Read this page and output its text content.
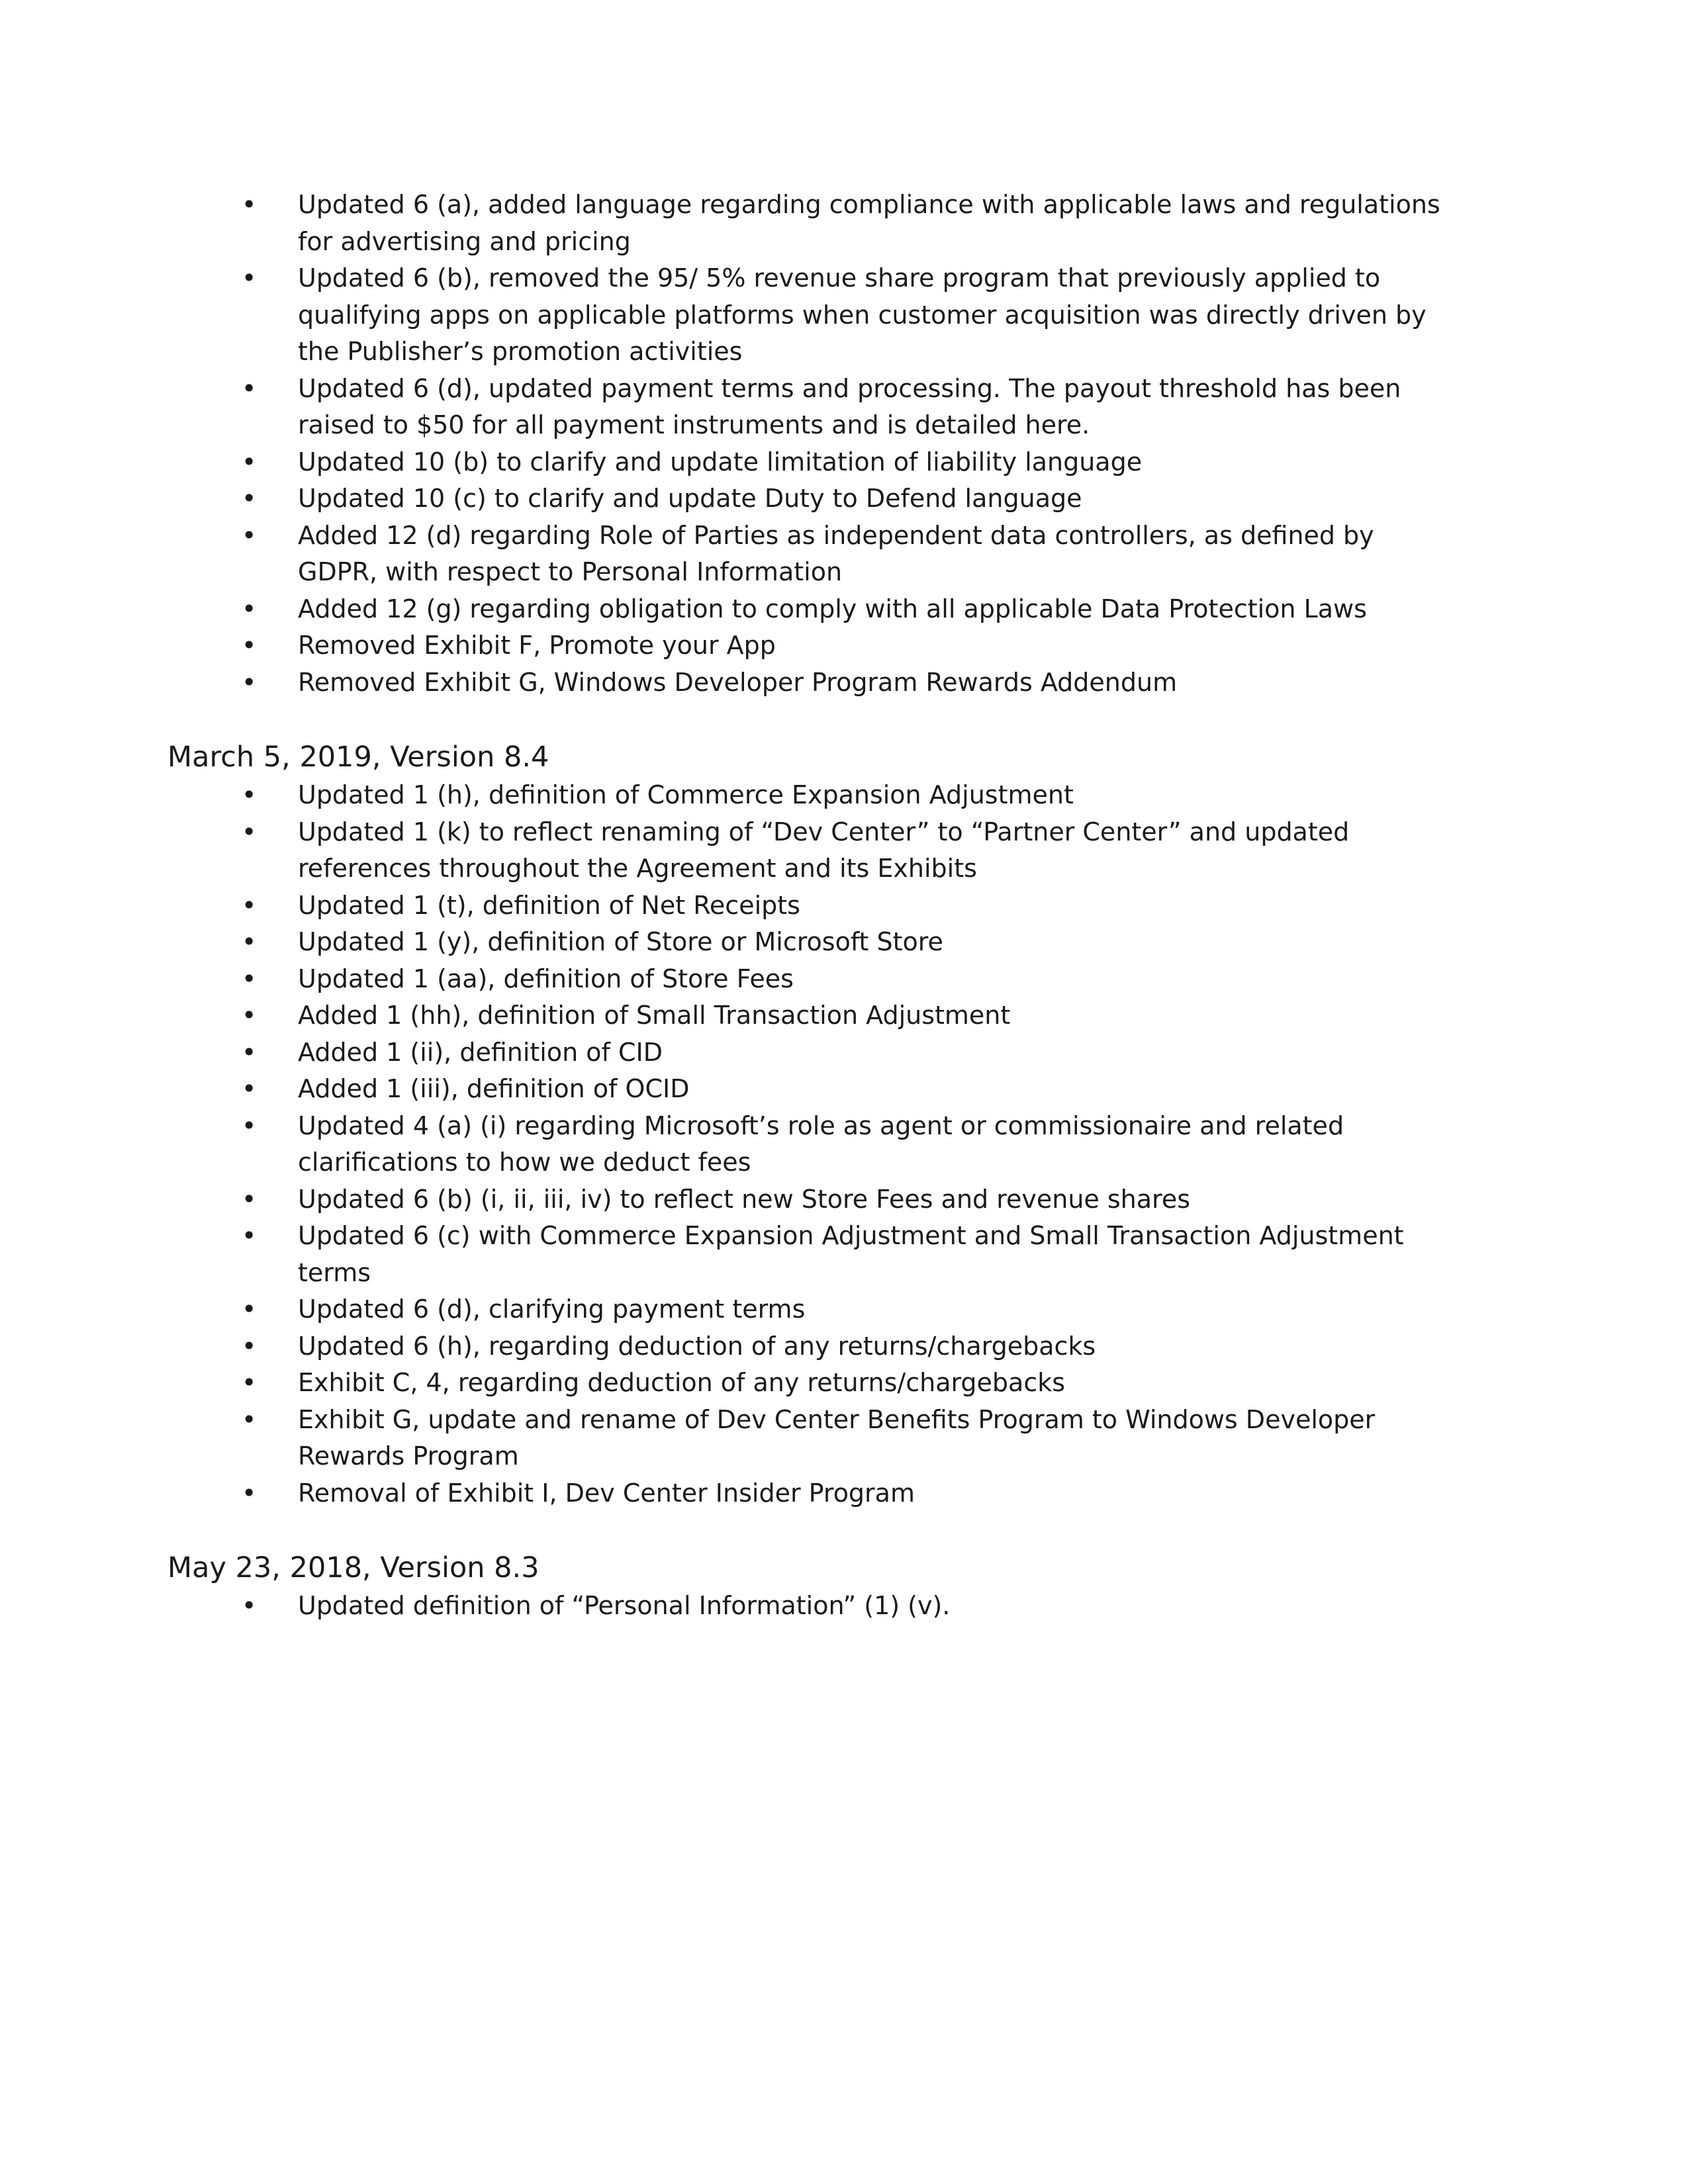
• Updated 6 (a), added language regarding compliance with applicable laws and regulations for advertising and pricing
• Updated 6 (b), removed the 95/ 5% revenue share program that previously applied to qualifying apps on applicable platforms when customer acquisition was directly driven by the Publisher’s promotion activities
• Updated 6 (d), updated payment terms and processing. The payout threshold has been raised to $50 for all payment instruments and is detailed here.
• Updated 10 (b) to clarify and update limitation of liability language
• Updated 10 (c) to clarify and update Duty to Defend language
• Added 12 (d) regarding Role of Parties as independent data controllers, as defined by GDPR, with respect to Personal Information
• Added 12 (g) regarding obligation to comply with all applicable Data Protection Laws
• Removed Exhibit F, Promote your App
• Removed Exhibit G, Windows Developer Program Rewards Addendum
March 5, 2019, Version 8.4
• Updated 1 (h), definition of Commerce Expansion Adjustment
• Updated 1 (k) to reflect renaming of “Dev Center” to “Partner Center” and updated references throughout the Agreement and its Exhibits
• Updated 1 (t), definition of Net Receipts
• Updated 1 (y), definition of Store or Microsoft Store
• Updated 1 (aa), definition of Store Fees
• Added 1 (hh), definition of Small Transaction Adjustment
• Added 1 (ii), definition of CID
• Added 1 (iii), definition of OCID
• Updated 4 (a) (i) regarding Microsoft’s role as agent or commissionaire and related clarifications to how we deduct fees
• Updated 6 (b) (i, ii, iii, iv) to reflect new Store Fees and revenue shares
• Updated 6 (c) with Commerce Expansion Adjustment and Small Transaction Adjustment terms
• Updated 6 (d), clarifying payment terms
• Updated 6 (h), regarding deduction of any returns/chargebacks
• Exhibit C, 4, regarding deduction of any returns/chargebacks
• Exhibit G, update and rename of Dev Center Benefits Program to Windows Developer Rewards Program
• Removal of Exhibit I, Dev Center Insider Program
May 23, 2018, Version 8.3
• Updated definition of “Personal Information” (1) (v).
